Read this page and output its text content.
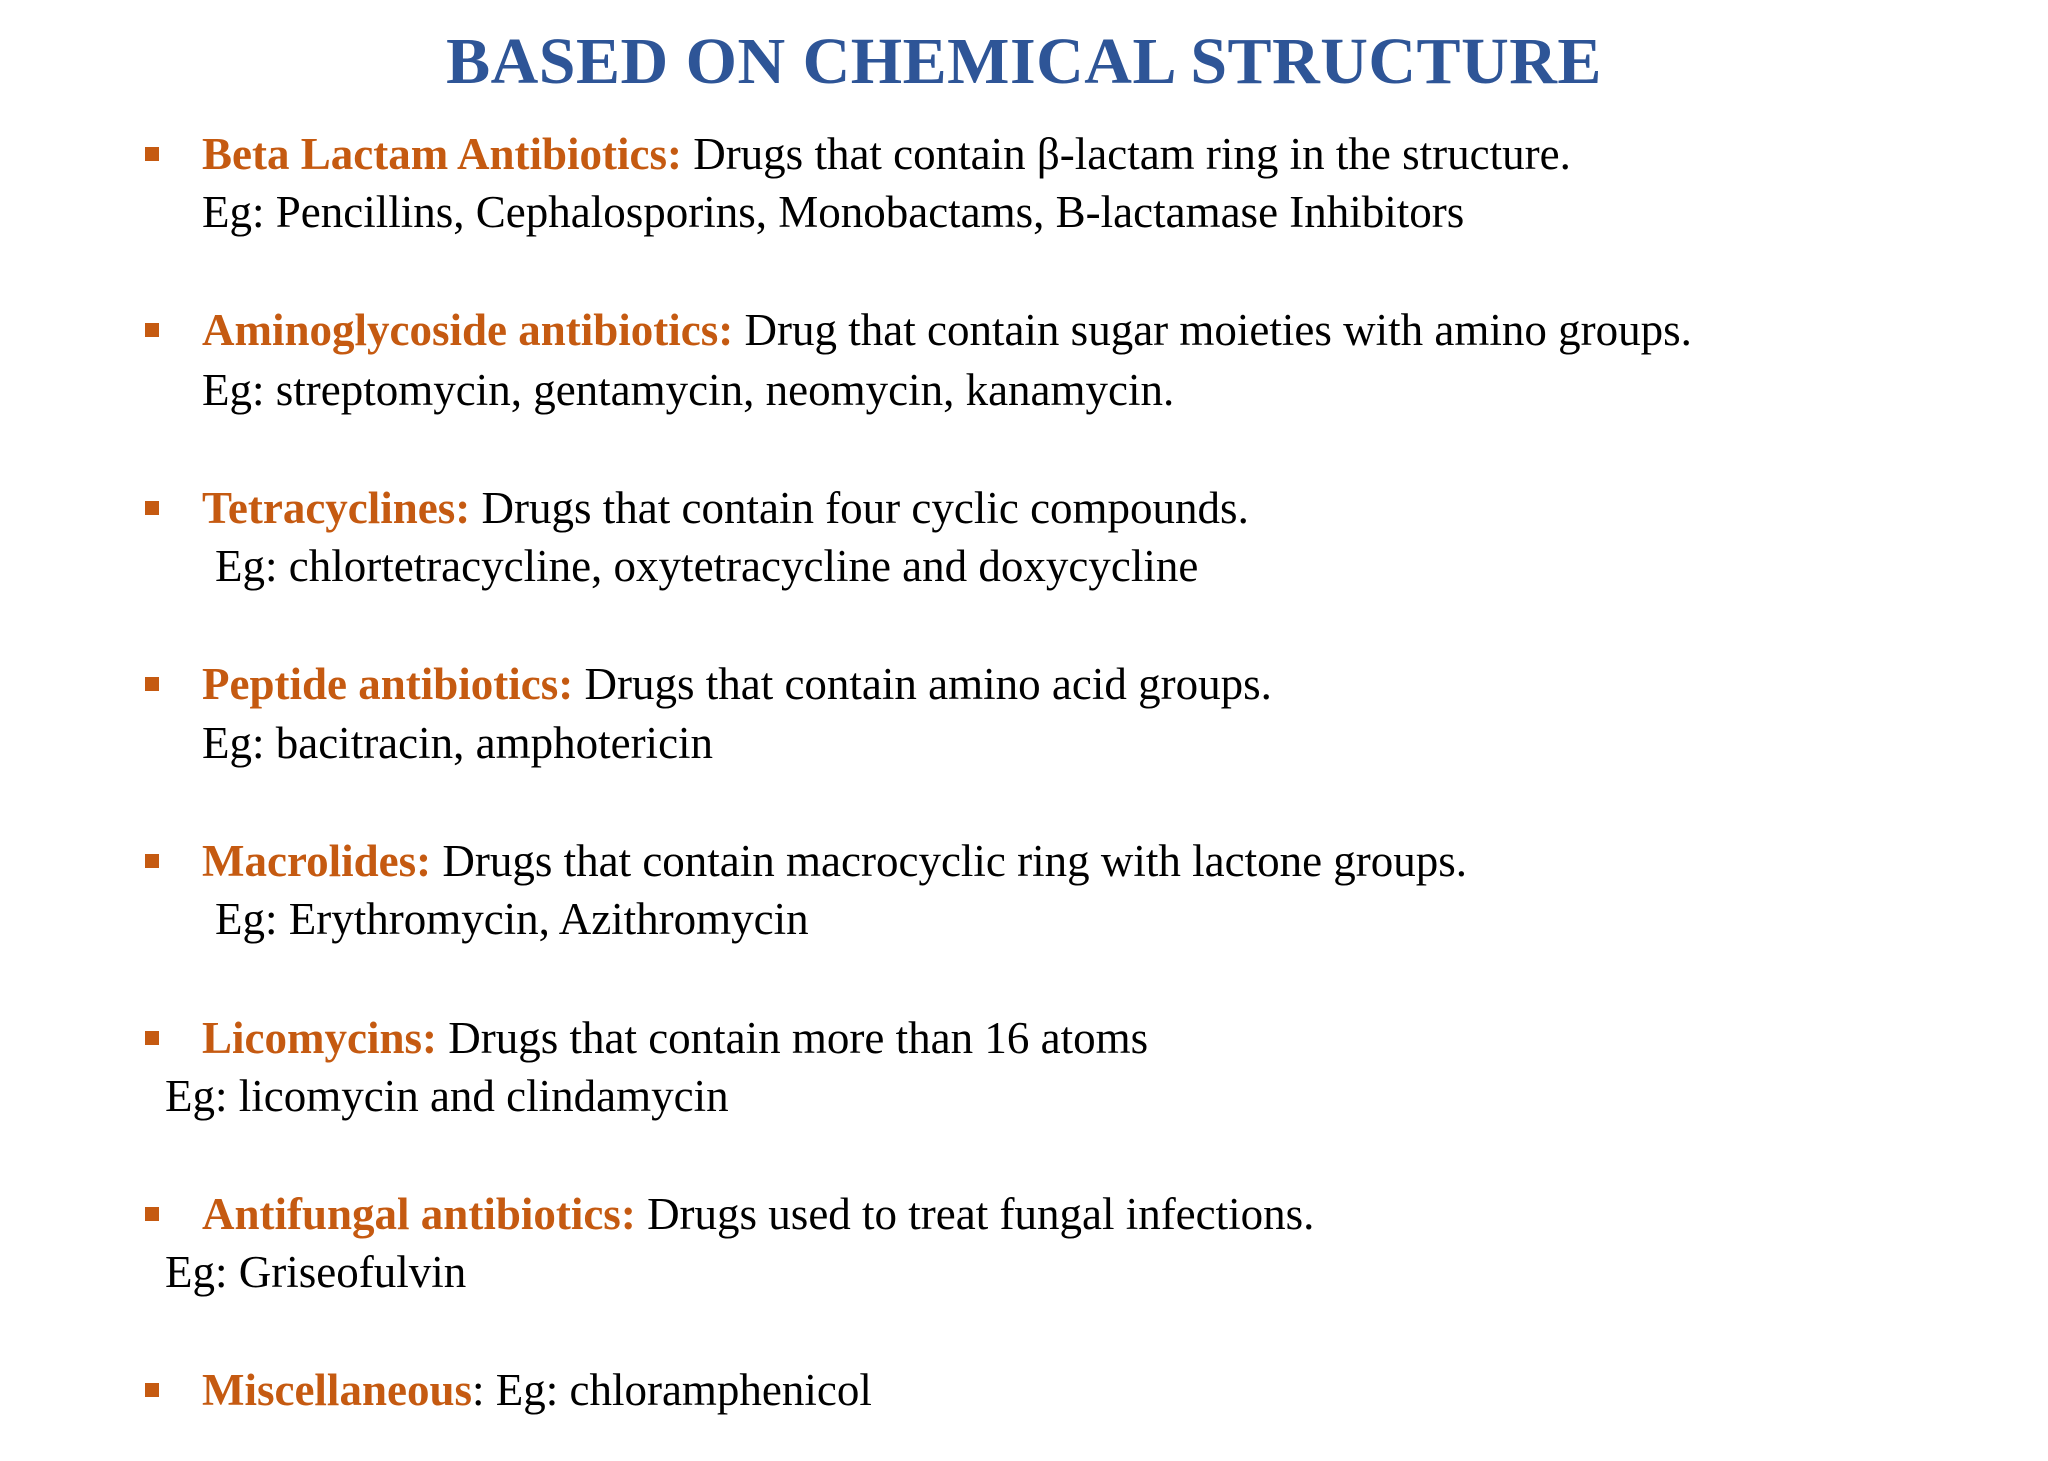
BASED ON CHEMICAL STRUCTURE
Beta Lactam Antibiotics: Drugs that contain β-lactam ring in the structure.
Eg: Pencillins, Cephalosporins, Monobactams, B-lactamase Inhibitors
Aminoglycoside antibiotics: Drug that contain sugar moieties with amino groups.
Eg: streptomycin, gentamycin, neomycin, kanamycin.
Tetracyclines: Drugs that contain four cyclic compounds.
Eg: chlortetracycline, oxytetracycline and doxycycline
Peptide antibiotics: Drugs that contain amino acid groups.
Eg: bacitracin, amphotericin
Macrolides: Drugs that contain macrocyclic ring with lactone groups.
Eg: Erythromycin, Azithromycin
Licomycins: Drugs that contain more than 16 atoms
Eg: licomycin and clindamycin
Antifungal antibiotics: Drugs used to treat fungal infections.
Eg: Griseofulvin
Miscellaneous: Eg: chloramphenicol
